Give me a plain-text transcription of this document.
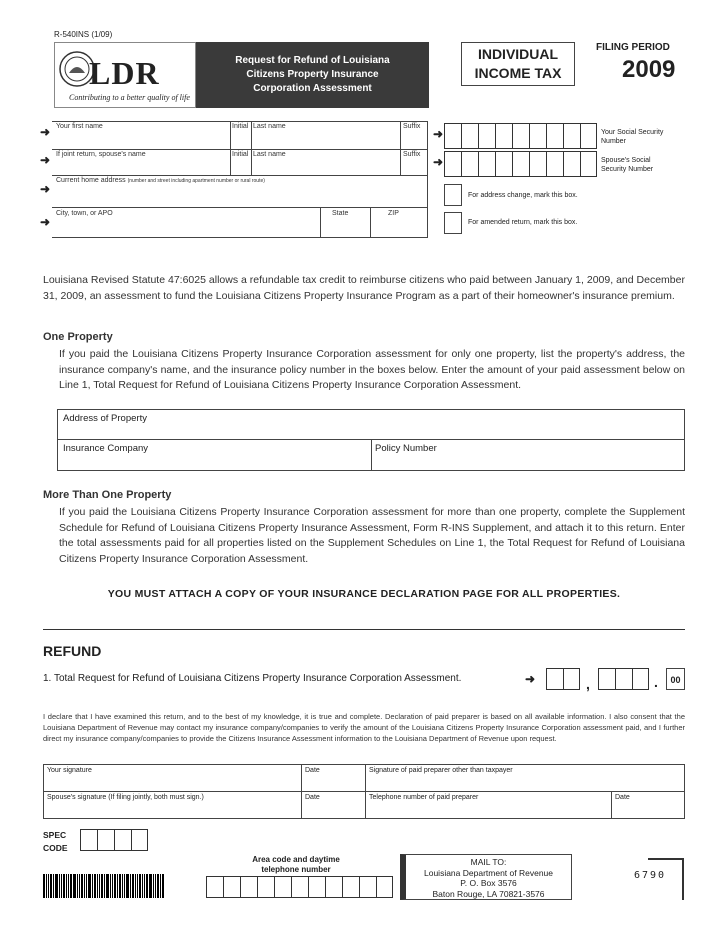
R-540INS (1/09)
LDR
Contributing to a better quality of life
Request for Refund of Louisiana
Citizens Property Insurance
Corporation Assessment
INDIVIDUAL
INCOME TAX
FILING PERIOD
2009
Your first name	Initial Last name	Suffix
If joint return, spouse's name	Initial Last name	Suffix
Current home address (number and street including apartment number or rural route)
City, town, or APO	State	ZIP
➜
➜
➜
➜
➜	Your Social Security Number
➜	Spouse's Social Security Number
For address change, mark this box.
For amended return, mark this box.
Louisiana Revised Statute 47:6025 allows a refundable tax credit to reimburse citizens who paid between January 1, 2009, and December 31, 2009, an assessment to fund the Louisiana Citizens Property Insurance Program as a part of their homeowner's insurance premium.
One Property
If you paid the Louisiana Citizens Property Insurance Corporation assessment for only one property, list the property's address, the insurance company's name, and the insurance policy number in the boxes below. Enter the amount of your paid assessment below on Line 1, Total Request for Refund of Louisiana Citizens Property Insurance Corporation Assessment.
Address of Property
Insurance Company	Policy Number
More Than One Property
If you paid the Louisiana Citizens Property Insurance Corporation assessment for more than one property, complete the Supplement Schedule for Refund of Louisiana Citizens Property Insurance Assessment, Form R-INS Supplement, and attach it to this return. Enter the total assessments paid for all properties listed on the Supplement Schedules on Line 1, the Total Request for Refund of Louisiana Citizens Property Insurance Corporation Assessment.
YOU MUST ATTACH A COPY OF YOUR INSURANCE DECLARATION PAGE FOR ALL PROPERTIES.
REFUND
1. Total Request for Refund of Louisiana Citizens Property Insurance Corporation Assessment.	➜	,	.	00
I declare that I have examined this return, and to the best of my knowledge, it is true and complete. Declaration of paid preparer is based on all available information. I also consent that the Louisiana Department of Revenue may contact my insurance company/companies to verify the amount of the Louisiana Citizens Property Insurance Corporation assessment paid, and I further direct my insurance company/companies to provide the Citizens Insurance Assessment information to the Louisiana Department of Revenue upon request.
Your signature	Date	Signature of paid preparer other than taxpayer
Spouse's signature (If filing jointly, both must sign.)	Date	Telephone number of paid preparer	Date
SPEC CODE
Area code and daytime
telephone number
MAIL TO:
Louisiana Department of Revenue
P. O. Box 3576
Baton Rouge, LA 70821-3576
6790
